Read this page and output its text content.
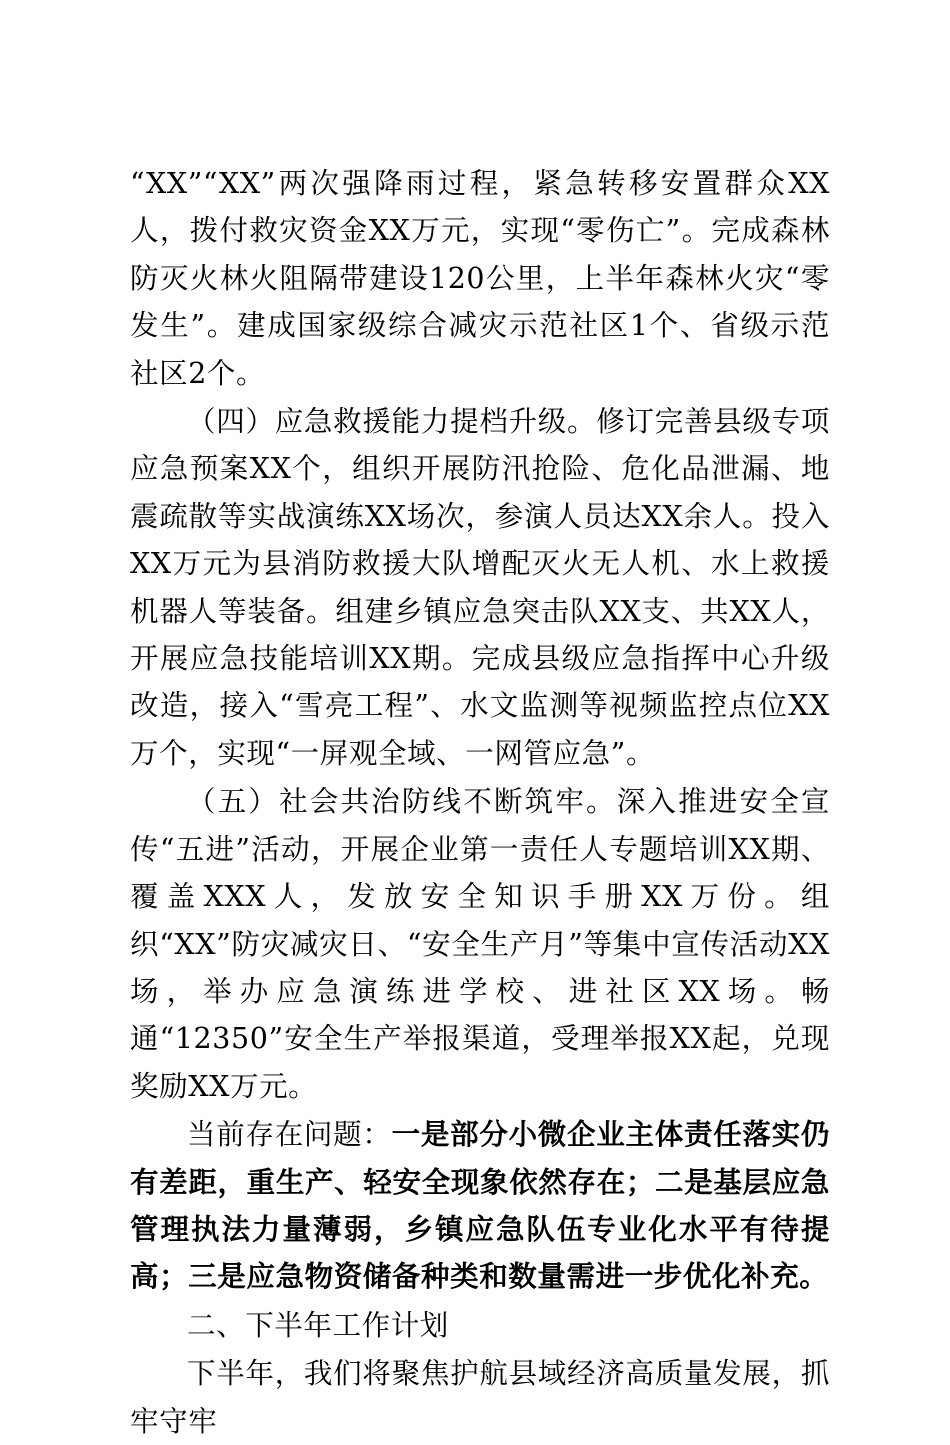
“XX”“XX”两次强降雨过程，紧急转移安置群众XX人，拨付救灾资金XX万元，实现“零伤亡”。完成森林防灭火林火阻隔带建设120公里，上半年森林火灾“零发生”。建成国家级综合减灾示范社区1个、省级示范社区2个。

（四）应急救援能力提档升级。修订完善县级专项应急预案XX个，组织开展防汛抢险、危化品泄漏、地震疏散等实战演练XX场次，参演人员达XX余人。投入XX万元为县消防救援大队增配灭火无人机、水上救援机器人等装备。组建乡镇应急突击队XX支、共XX人，开展应急技能培训XX期。完成县级应急指挥中心升级改造，接入“雪亮工程”、水文监测等视频监控点位XX万个，实现“一屏观全域、一网管应急”。

（五）社会共治防线不断筑牢。深入推进安全宣传“五进”活动，开展企业第一责任人专题培训XX期、覆盖XXX人，发放安全知识手册XX万份。组织“XX”防灾减灾日、“安全生产月”等集中宣传活动XX场，举办应急演练进学校、进社区XX场。畅通“12350”安全生产举报渠道，受理举报XX起，兑现奖励XX万元。

当前存在问题：一是部分小微企业主体责任落实仍有差距，重生产、轻安全现象依然存在；二是基层应急管理执法力量薄弱，乡镇应急队伍专业化水平有待提高；三是应急物资储备种类和数量需进一步优化补充。

二、下半年工作计划

下半年，我们将聚焦护航县域经济高质量发展，抓牢守牢
